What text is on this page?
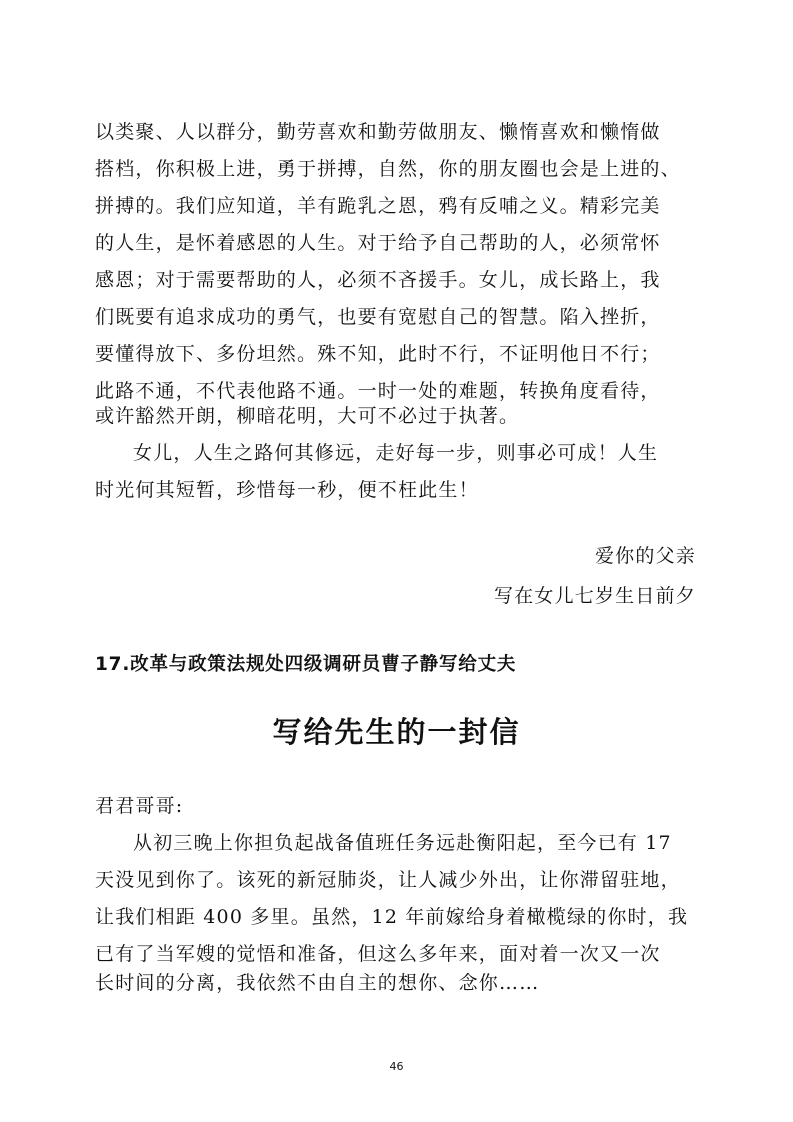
以类聚、人以群分，勤劳喜欢和勤劳做朋友、懒惰喜欢和懒惰做

搭档，你积极上进，勇于拼搏，自然，你的朋友圈也会是上进的、

拼搏的。我们应知道，羊有跪乳之恩，鸦有反哺之义。精彩完美

的人生，是怀着感恩的人生。对于给予自己帮助的人，必须常怀

感恩；对于需要帮助的人，必须不吝援手。女儿，成长路上，我

们既要有追求成功的勇气，也要有宽慰自己的智慧。陷入挫折，

要懂得放下、多份坦然。殊不知，此时不行，不证明他日不行；

此路不通，不代表他路不通。一时一处的难题，转换角度看待，

或许豁然开朗，柳暗花明，大可不必过于执著。

女儿，人生之路何其修远，走好每一步，则事必可成！人生

时光何其短暂，珍惜每一秒，便不枉此生！

爱你的父亲

写在女儿七岁生日前夕

17.改革与政策法规处四级调研员曹子静写给丈夫
写给先生的一封信

君君哥哥:

从初三晚上你担负起战备值班任务远赴衡阳起，至今已有 17

天没见到你了。该死的新冠肺炎，让人减少外出，让你滞留驻地，

让我们相距 400 多里。虽然，12 年前嫁给身着橄榄绿的你时，我

已有了当军嫂的觉悟和准备，但这么多年来，面对着一次又一次

长时间的分离，我依然不由自主的想你、念你……

46
